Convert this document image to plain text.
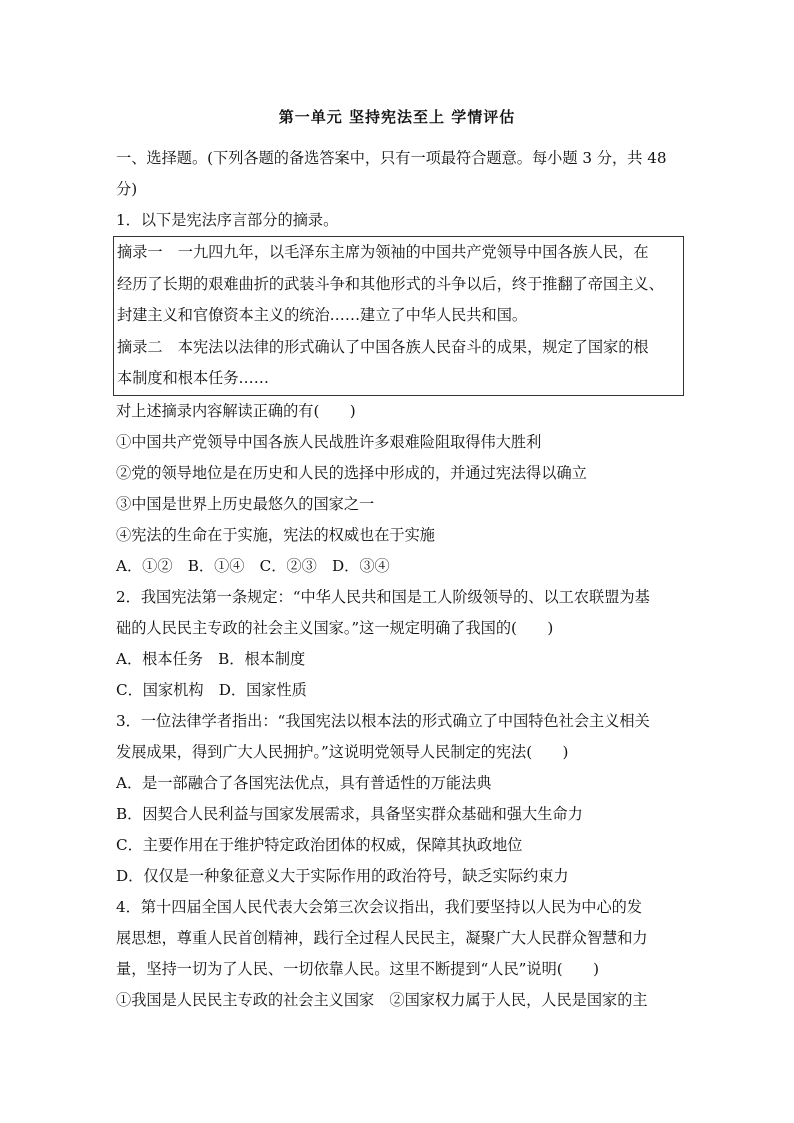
第一单元 坚持宪法至上 学情评估
一、选择题。(下列各题的备选答案中，只有一项最符合题意。每小题 3 分，共 48
分)
1．以下是宪法序言部分的摘录。
摘录一　一九四九年，以毛泽东主席为领袖的中国共产党领导中国各族人民，在
经历了长期的艰难曲折的武装斗争和其他形式的斗争以后，终于推翻了帝国主义、
封建主义和官僚资本主义的统治……建立了中华人民共和国。
摘录二　本宪法以法律的形式确认了中国各族人民奋斗的成果，规定了国家的根
本制度和根本任务……
对上述摘录内容解读正确的有(　　)
①中国共产党领导中国各族人民战胜许多艰难险阻取得伟大胜利
②党的领导地位是在历史和人民的选择中形成的，并通过宪法得以确立
③中国是世界上历史最悠久的国家之一
④宪法的生命在于实施，宪法的权威也在于实施
A．①②　B．①④　C．②③　D．③④
2．我国宪法第一条规定：“中华人民共和国是工人阶级领导的、以工农联盟为基
础的人民民主专政的社会主义国家。”这一规定明确了我国的(　　)
A．根本任务　B．根本制度
C．国家机构　D．国家性质
3．一位法律学者指出：“我国宪法以根本法的形式确立了中国特色社会主义相关
发展成果，得到广大人民拥护。”这说明党领导人民制定的宪法(　　)
A．是一部融合了各国宪法优点，具有普适性的万能法典
B．因契合人民利益与国家发展需求，具备坚实群众基础和强大生命力
C．主要作用在于维护特定政治团体的权威，保障其执政地位
D．仅仅是一种象征意义大于实际作用的政治符号，缺乏实际约束力
4．第十四届全国人民代表大会第三次会议指出，我们要坚持以人民为中心的发
展思想，尊重人民首创精神，践行全过程人民民主，凝聚广大人民群众智慧和力
量，坚持一切为了人民、一切依靠人民。这里不断提到“人民”说明(　　)
①我国是人民民主专政的社会主义国家　②国家权力属于人民，人民是国家的主
